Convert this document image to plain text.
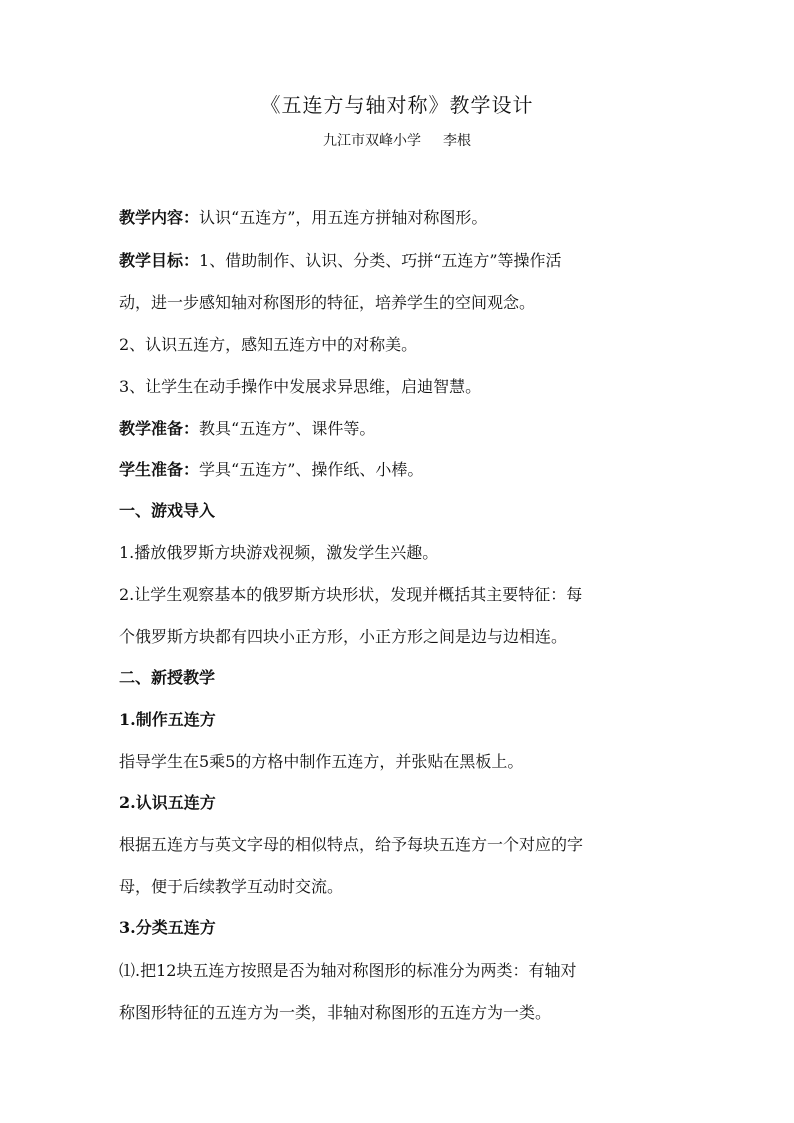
《五连方与轴对称》教学设计
九江市双峰小学 李根
教学内容：认识“五连方”，用五连方拼轴对称图形。
教学目标：1、借助制作、认识、分类、巧拼“五连方”等操作活
动，进一步感知轴对称图形的特征，培养学生的空间观念。
2、认识五连方，感知五连方中的对称美。
3、让学生在动手操作中发展求异思维，启迪智慧。
教学准备：教具“五连方”、课件等。
学生准备：学具“五连方”、操作纸、小棒。
一、游戏导入
1.播放俄罗斯方块游戏视频，激发学生兴趣。
2.让学生观察基本的俄罗斯方块形状，发现并概括其主要特征：每
个俄罗斯方块都有四块小正方形，小正方形之间是边与边相连。
二、新授教学
1.制作五连方
指导学生在5乘5的方格中制作五连方，并张贴在黑板上。
2.认识五连方
根据五连方与英文字母的相似特点，给予每块五连方一个对应的字
母，便于后续教学互动时交流。
3.分类五连方
⑴.把12块五连方按照是否为轴对称图形的标准分为两类：有轴对
称图形特征的五连方为一类，非轴对称图形的五连方为一类。
